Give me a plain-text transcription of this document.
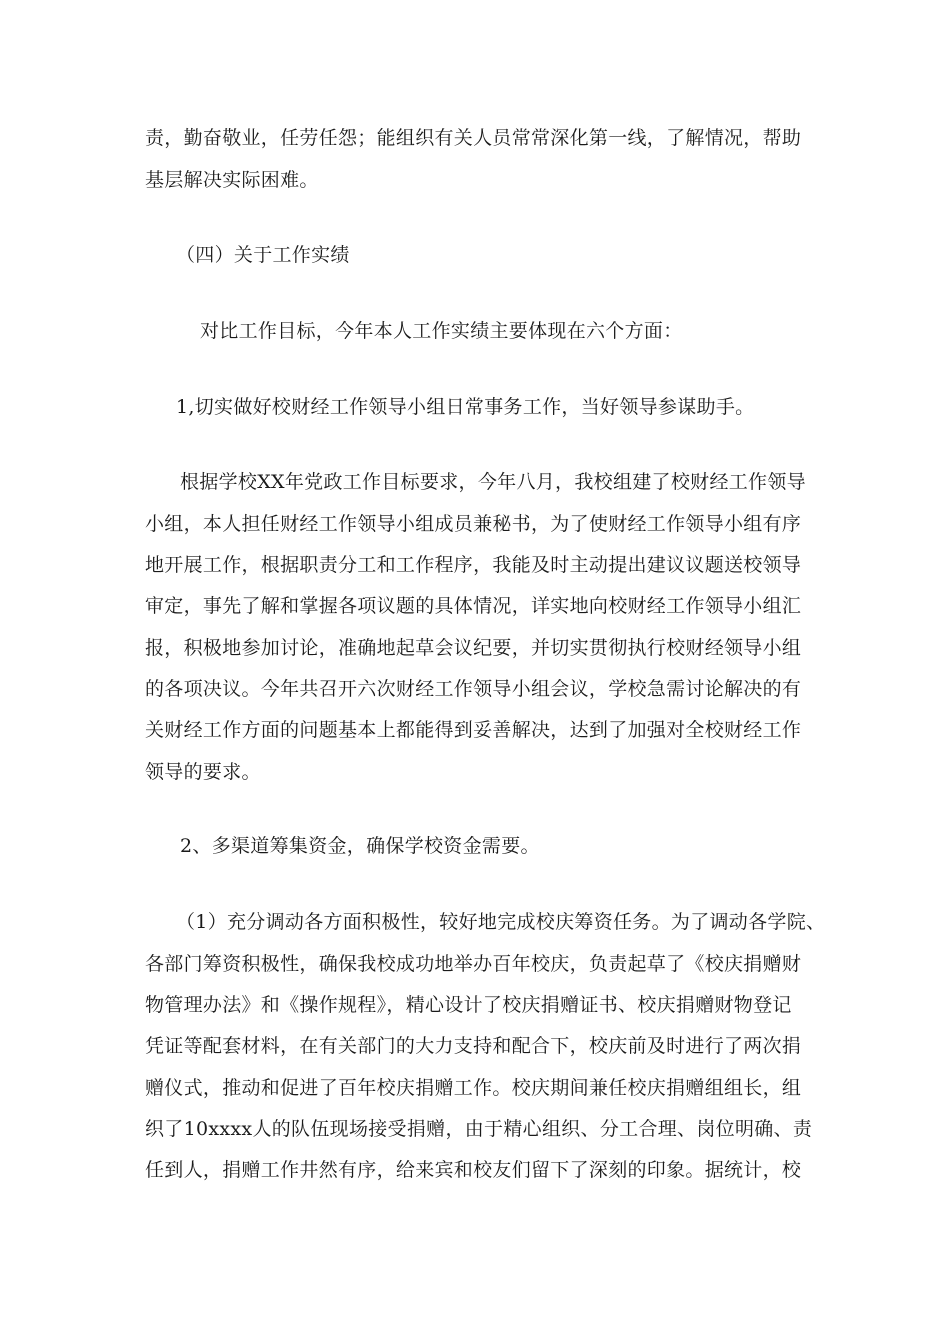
责，勤奋敬业，任劳任怨；能组织有关人员常常深化第一线，了解情况，帮助
基层解决实际困难。
（四）关于工作实绩
对比工作目标，今年本人工作实绩主要体现在六个方面：
1,切实做好校财经工作领导小组日常事务工作，当好领导参谋助手。
根据学校XX年党政工作目标要求，今年八月，我校组建了校财经工作领导
小组，本人担任财经工作领导小组成员兼秘书，为了使财经工作领导小组有序
地开展工作，根据职责分工和工作程序，我能及时主动提出建议议题送校领导
审定，事先了解和掌握各项议题的具体情况，详实地向校财经工作领导小组汇
报，积极地参加讨论，准确地起草会议纪要，并切实贯彻执行校财经领导小组
的各项决议。今年共召开六次财经工作领导小组会议，学校急需讨论解决的有
关财经工作方面的问题基本上都能得到妥善解决，达到了加强对全校财经工作
领导的要求。
2、多渠道筹集资金，确保学校资金需要。
（1）充分调动各方面积极性，较好地完成校庆筹资任务。为了调动各学院、
各部门筹资积极性，确保我校成功地举办百年校庆，负责起草了《校庆捐赠财
物管理办法》和《操作规程》，精心设计了校庆捐赠证书、校庆捐赠财物登记
凭证等配套材料，在有关部门的大力支持和配合下，校庆前及时进行了两次捐
赠仪式，推动和促进了百年校庆捐赠工作。校庆期间兼任校庆捐赠组组长，组
织了10xxxx人的队伍现场接受捐赠，由于精心组织、分工合理、岗位明确、责
任到人，捐赠工作井然有序，给来宾和校友们留下了深刻的印象。据统计，校
